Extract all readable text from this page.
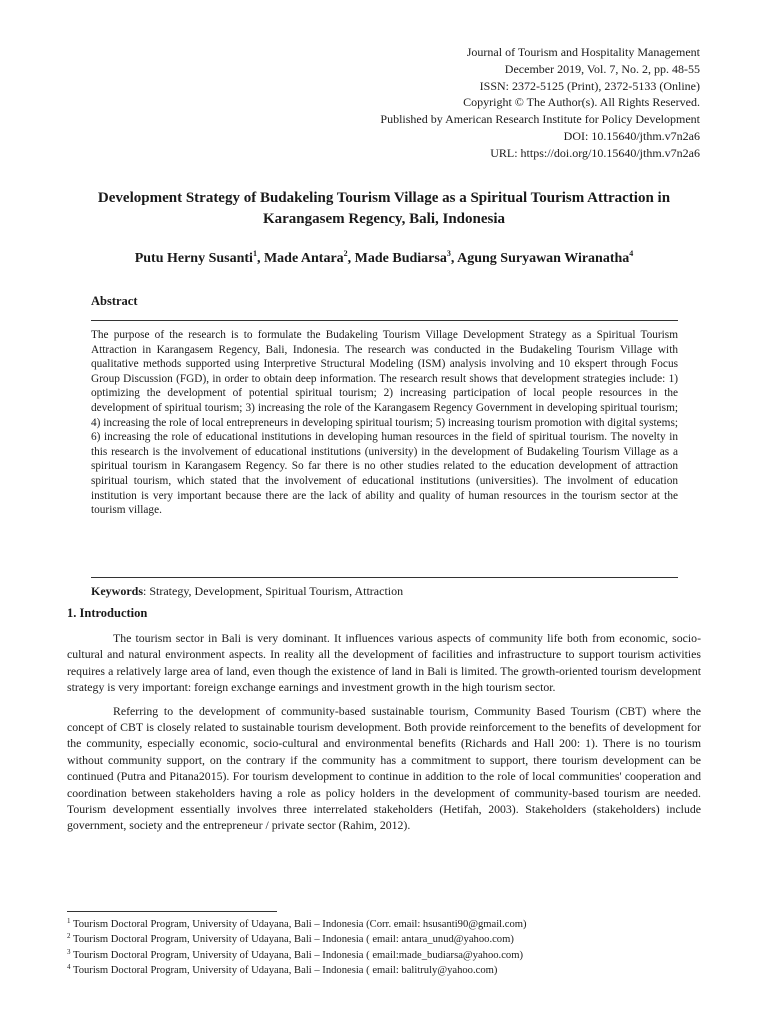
Journal of Tourism and Hospitality Management
December 2019, Vol. 7, No. 2, pp. 48-55
ISSN: 2372-5125 (Print), 2372-5133 (Online)
Copyright © The Author(s). All Rights Reserved.
Published by American Research Institute for Policy Development
DOI: 10.15640/jthm.v7n2a6
URL: https://doi.org/10.15640/jthm.v7n2a6
Development Strategy of Budakeling Tourism Village as a Spiritual Tourism Attraction in Karangasem Regency, Bali, Indonesia
Putu Herny Susanti$^1$, Made Antara$^2$, Made Budiarsa$^3$, Agung Suryawan Wiranatha$^4$
Abstract
The purpose of the research is to formulate the Budakeling Tourism Village Development Strategy as a Spiritual Tourism Attraction in Karangasem Regency, Bali, Indonesia. The research was conducted in the Budakeling Tourism Village with qualitative methods supported using Interpretive Structural Modeling (ISM) analysis involving and 10 ekspert through Focus Group Discussion (FGD), in order to obtain deep information. The research result shows that development strategies include: 1) optimizing the development of potential spiritual tourism; 2) increasing participation of local people resources in the development of spiritual tourism; 3) increasing the role of the Karangasem Regency Government in developing spiritual tourism; 4) increasing the role of local entrepreneurs in developing spiritual tourism; 5) increasing tourism promotion with digital systems; 6) increasing the role of educational institutions in developing human resources in the field of spiritual tourism. The novelty in this research is the involvement of educational institutions (university) in the development of Budakeling Tourism Village as a spiritual tourism in Karangasem Regency. So far there is no other studies related to the education development of attraction spiritual tourism, which stated that the involvement of educational institutions (universities). The involment of education institution is very important because there are the lack of ability and quality of human resources in the tourism sector at the tourism village.
Keywords: Strategy, Development, Spiritual Tourism, Attraction
1. Introduction

The tourism sector in Bali is very dominant. It influences various aspects of community life both from economic, socio-cultural and natural environment aspects. In reality all the development of facilities and infrastructure to support tourism activities requires a relatively large area of land, even though the existence of land in Bali is limited. The growth-oriented tourism development strategy is very important: foreign exchange earnings and investment growth in the high tourism sector.

Referring to the development of community-based sustainable tourism, Community Based Tourism (CBT) where the concept of CBT is closely related to sustainable tourism development. Both provide reinforcement to the benefits of development for the community, especially economic, socio-cultural and environmental benefits (Richards and Hall 200: 1). There is no tourism without community support, on the contrary if the community has a commitment to support, there tourism development can be continued (Putra and Pitana2015). For tourism development to continue in addition to the role of local communities' cooperation and coordination between stakeholders having a role as policy holders in the development of community-based tourism are needed. Tourism development essentially involves three interrelated stakeholders (Hetifah, 2003). Stakeholders (stakeholders) include government, society and the entrepreneur / private sector (Rahim, 2012).

$^1$ Tourism Doctoral Program, University of Udayana, Bali – Indonesia (Corr. email: hsusanti90@gmail.com)
$^2$ Tourism Doctoral Program, University of Udayana, Bali – Indonesia ( email: antara_unud@yahoo.com)
$^3$ Tourism Doctoral Program, University of Udayana, Bali – Indonesia ( email:made_budiarsa@yahoo.com)
$^4$ Tourism Doctoral Program, University of Udayana, Bali – Indonesia ( email: balitruly@yahoo.com)
